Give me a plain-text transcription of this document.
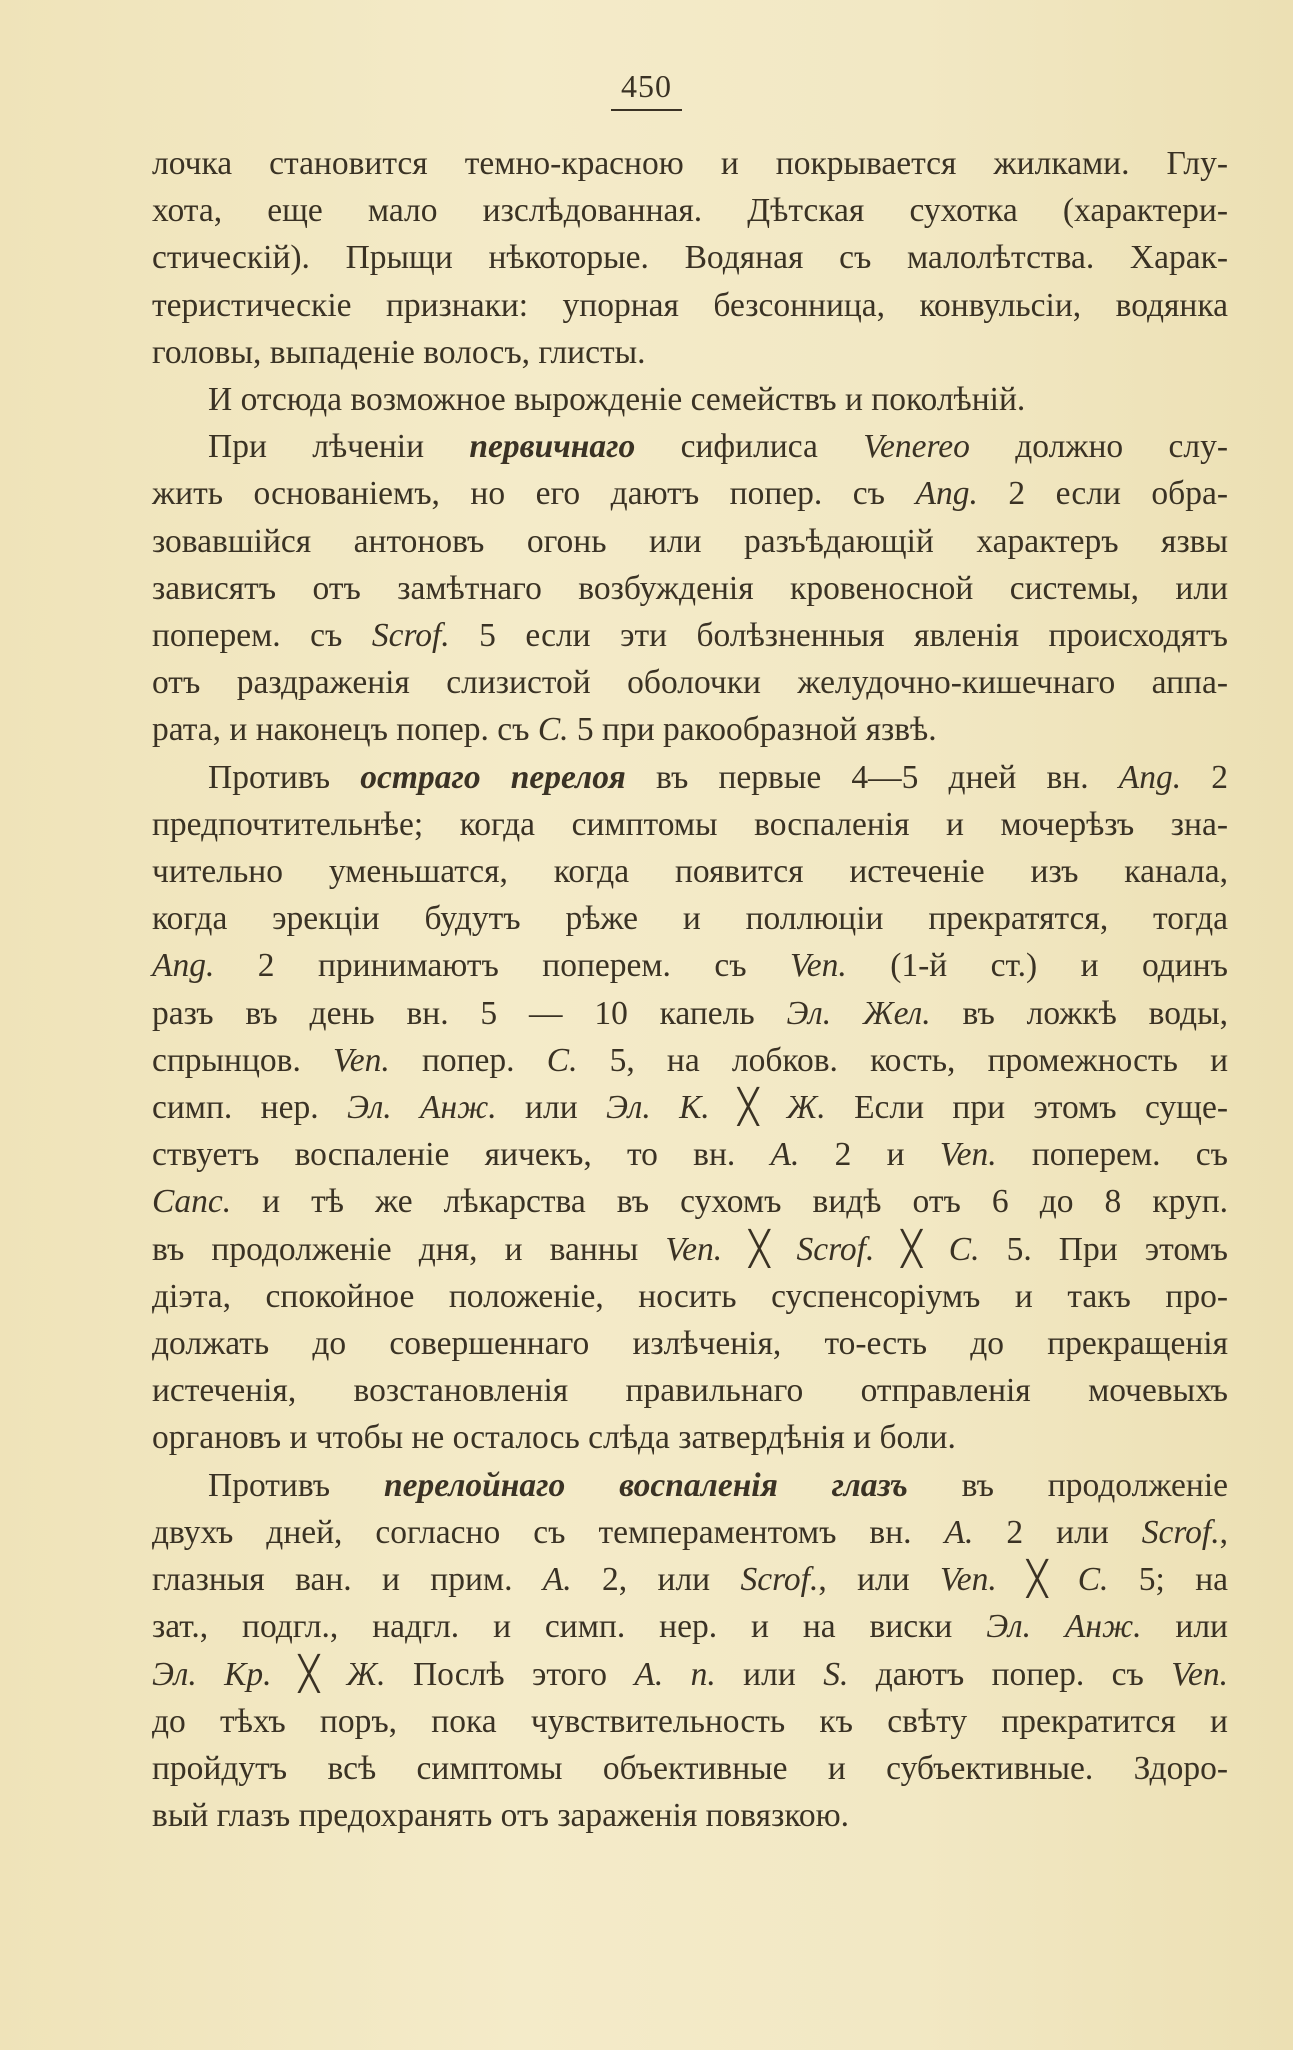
450
лочка становится темно-красною и покрывается жилками. Глу-
хота, еще мало изслѣдованная. Дѣтская сухотка (характери-
стическій). Прыщи нѣкоторые. Водяная съ малолѣтства. Харак-
теристическіе признаки: упорная безсонница, конвульсіи, водянка
головы, выпаденіе волосъ, глисты.
И отсюда возможное вырожденіе семействъ и поколѣній.
При лѣченіи первичнаго сифилиса Venereo должно слу-
жить основаніемъ, но его даютъ попер. съ Ang. 2 если обра-
зовавшійся антоновъ огонь или разъѣдающій характеръ язвы
зависятъ отъ замѣтнаго возбужденія кровеносной системы, или
поперем. съ Scrof. 5 если эти болѣзненныя явленія происходятъ
отъ раздраженія слизистой оболочки желудочно-кишечнаго аппа-
рата, и наконецъ попер. съ C. 5 при ракообразной язвѣ.
Противъ остраго перелоя въ первые 4—5 дней вн. Ang. 2
предпочтительнѣе; когда симптомы воспаленія и мочерѣзъ зна-
чительно уменьшатся, когда появится истеченіе изъ канала,
когда эрекціи будутъ рѣже и поллюціи прекратятся, тогда
Ang. 2 принимаютъ поперем. съ Ven. (1-й ст.) и одинъ
разъ въ день вн. 5 — 10 капель Эл. Жел. въ ложкѣ воды,
спрынцов. Ven. попер. C. 5, на лобков. кость, промежность и
симп. нер. Эл. Анж. или Эл. К. ╳ Ж. Если при этомъ суще-
ствуетъ воспаленіе яичекъ, то вн. A. 2 и Ven. поперем. съ
Canc. и тѣ же лѣкарства въ сухомъ видѣ отъ 6 до 8 круп.
въ продолженіе дня, и ванны Ven. ╳ Scrof. ╳ C. 5. При этомъ
діэта, спокойное положеніе, носить суспенсоріумъ и такъ про-
должать до совершеннаго излѣченія, то-есть до прекращенія
истеченія, возстановленія правильнаго отправленія мочевыхъ
органовъ и чтобы не осталось слѣда затвердѣнія и боли.
Противъ перелойнаго воспаленія глазъ въ продолженіе
двухъ дней, согласно съ темпераментомъ вн. A. 2 или Scrof.,
глазныя ван. и прим. A. 2, или Scrof., или Ven. ╳ C. 5; на
зат., подгл., надгл. и симп. нер. и на виски Эл. Анж. или
Эл. Кр. ╳ Ж. Послѣ этого A. n. или S. даютъ попер. съ Ven.
до тѣхъ поръ, пока чувствительность къ свѣту прекратится и
пройдутъ всѣ симптомы объективные и субъективные. Здоро-
вый глазъ предохранять отъ зараженія повязкою.
